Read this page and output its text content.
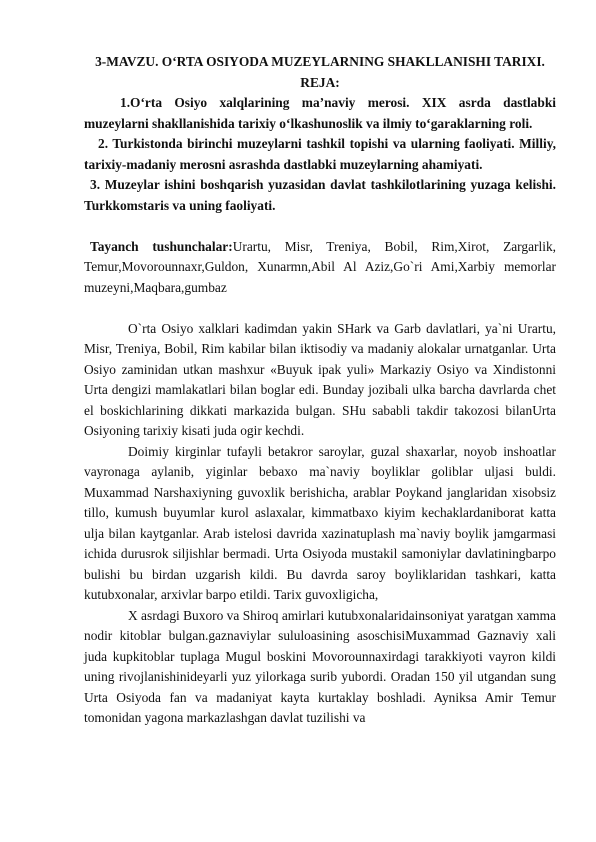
3-MAVZU. O‘RTA OSIYODA MUZEYLARNING SHAKLLANISHI TARIXI.

REJA:

1.O‘rta Osiyo xalqlarining ma’naviy merosi. XIX asrda dastlabki muzeylarni shakllanishida tarixiy o‘lkashunoslik va ilmiy to‘garaklarning roli.

2. Turkistonda birinchi muzeylarni tashkil topishi va ularning faoliyati. Milliy, tarixiy-madaniy merosni asrashda dastlabki muzeylarning ahamiyati.

3. Muzeylar ishini boshqarish yuzasidan davlat tashkilotlarining yuzaga kelishi. Turkkomstaris va uning faoliyati.

Tayanch tushunchalar:Urartu, Misr, Treniya, Bobil, Rim,Xirot, Zargarlik, Temur,Movorounnaxr,Guldon, Xunarmn,Abil Al Aziz,Go`ri Ami,Xarbiy memorlar muzeyni,Maqbara,gumbaz

O`rta Osiyo xalklari kadimdan yakin SHark va Garb davlatlari, ya`ni Urartu, Misr, Treniya, Bobil, Rim kabilar bilan iktisodiy va madaniy alokalar urnatganlar. Urta Osiyo zaminidan utkan mashxur «Buyuk ipak yuli» Markaziy Osiyo va Xindistonni Urta dengizi mamlakatlari bilan boglar edi. Bunday jozibali ulka barcha davrlarda chet el boskichlarining dikkati markazida bulgan. SHu sababli takdir takozosi bilanUrta Osiyoning tarixiy kisati juda ogir kechdi.

Doimiy kirginlar tufayli betakror saroylar, guzal shaxarlar, noyob inshoatlar vayronaga aylanib, yiginlar bebaxo ma`naviy boyliklar goliblar uljasi buldi. Muxammad Narshaxiyning guvoxlik berishicha, arablar Poykand janglaridan xisobsiz tillo, kumush buyumlar kurol aslaxalar, kimmatbaxo kiyim kechaklardaniborat katta ulja bilan kaytganlar. Arab istelosi davrida xazinatuplash ma`naviy boylik jamgarmasi ichida durusrok siljishlar bermadi. Urta Osiyoda mustakil samoniylar davlatiningbarpo bulishi bu birdan uzgarish kildi. Bu davrda saroy boyliklaridan tashkari, katta kutubxonalar, arxivlar barpo etildi. Tarix guvoxligicha,

X asrdagi Buxoro va Shiroq amirlari kutubxonalaridainsoniyat yaratgan xamma nodir kitoblar bulgan.gaznaviylar sululoasining asoschisiMuxammad Gaznaviy xali juda kupkitoblar tuplaga Mugul boskini Movorounnaxirdagi tarakkiyoti vayron kildi uning rivojlanishinideyarli yuz yilorkaga surib yubordi. Oradan 150 yil utgandan sung Urta Osiyoda fan va madaniyat kayta kurtaklay boshladi. Ayniksa Amir Temur tomonidan yagona markazlashgan davlat tuzilishi va
